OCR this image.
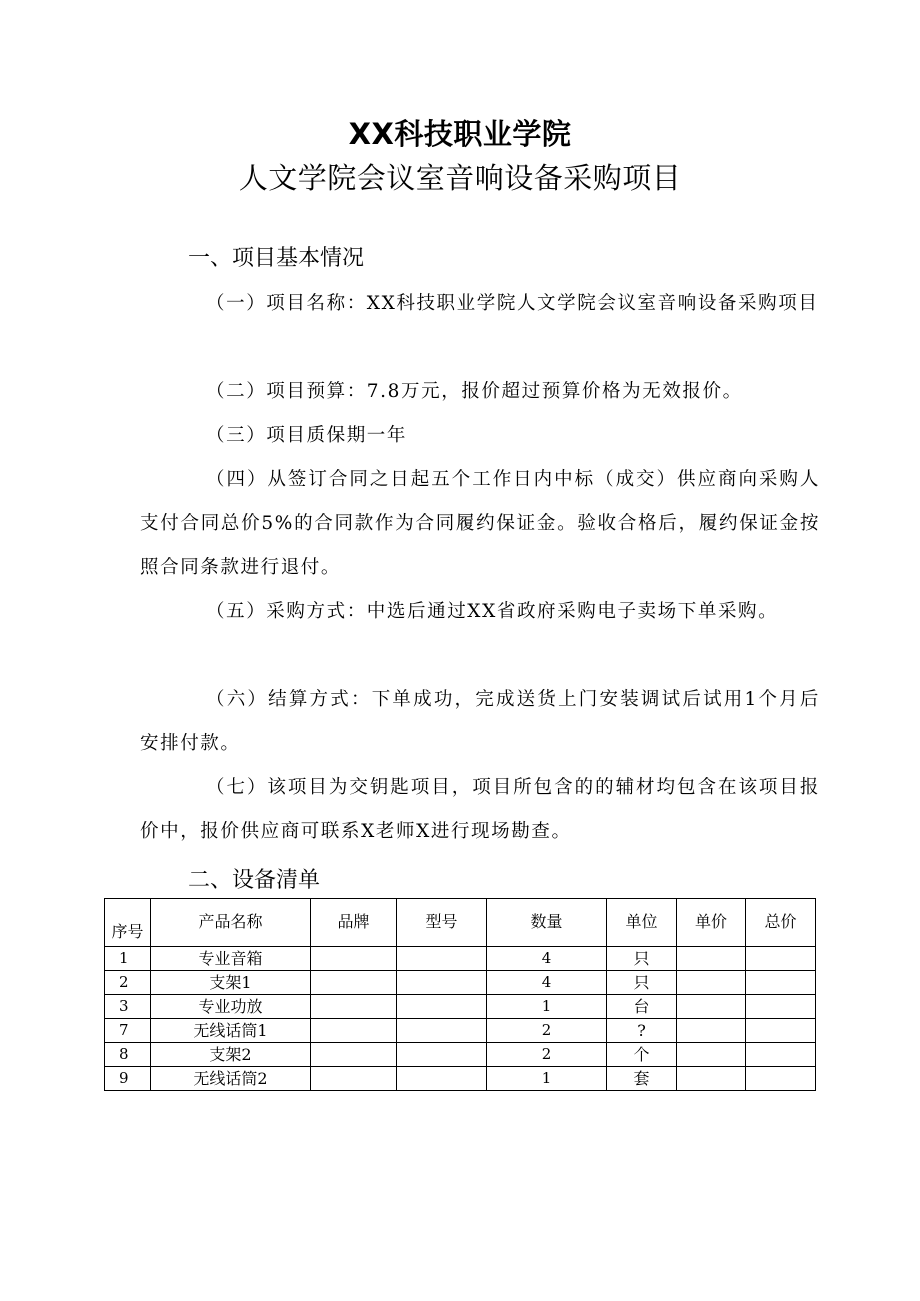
XX科技职业学院
人文学院会议室音响设备采购项目
一、项目基本情况

（一）项目名称：XX科技职业学院人文学院会议室音响设备采购项目

（二）项目预算：7.8万元，报价超过预算价格为无效报价。

（三）项目质保期一年

（四）从签订合同之日起五个工作日内中标（成交）供应商向采购人支付合同总价5%的合同款作为合同履约保证金。验收合格后，履约保证金按照合同条款进行退付。

（五）采购方式：中选后通过XX省政府采购电子卖场下单采购。

（六）结算方式：下单成功，完成送货上门安装调试后试用1个月后安排付款。

（七）该项目为交钥匙项目，项目所包含的的辅材均包含在该项目报价中，报价供应商可联系X老师X进行现场勘查。

二、设备清单
序号	产品名称	品牌	型号	数量	单位	单价	总价
1	专业音箱			4	只		
2	支架1			4	只		
3	专业功放			1	台		
7	无线话筒1			2	?		
8	支架2			2	个		
9	无线话筒2			1	套		
